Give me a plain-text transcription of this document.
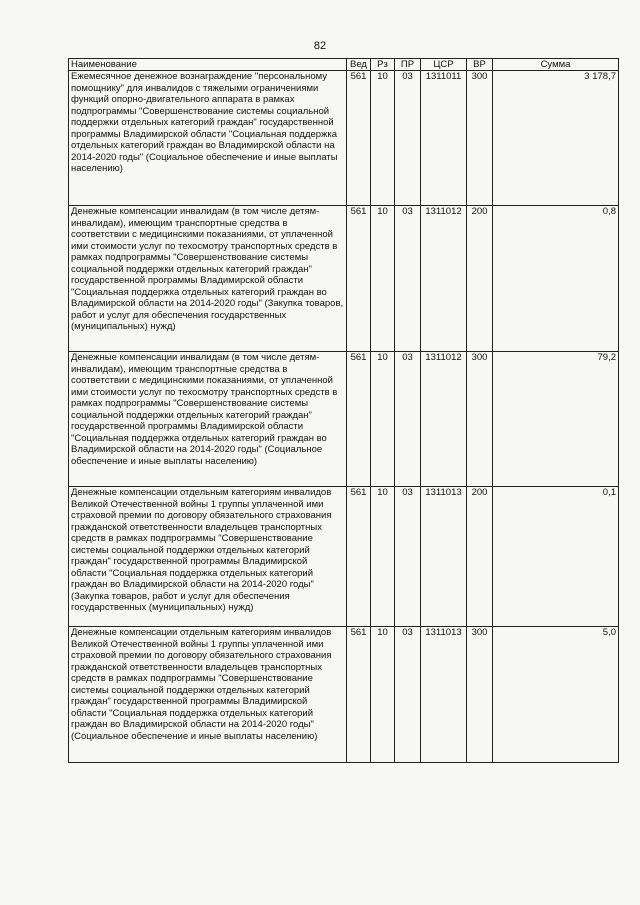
82
Наименование	Вед	Рз	ПР	ЦСР	ВР	Сумма
Ежемесячное денежное вознаграждение "персональному помощнику" для инвалидов с тяжелыми ограничениями функций опорно-двигательного аппарата в рамках подпрограммы "Совершенствование системы социальной поддержки отдельных категорий граждан" государственной программы Владимирской области "Социальная поддержка отдельных категорий граждан во Владимирской области на 2014-2020 годы" (Социальное обеспечение и иные выплаты населению)	561	10	03	1311011	300	3 178,7
Денежные компенсации инвалидам (в том числе детям-инвалидам), имеющим транспортные средства в соответствии с медицинскими показаниями, от уплаченной ими стоимости услуг по техосмотру транспортных средств в рамках подпрограммы "Совершенствование системы социальной поддержки отдельных категорий граждан" государственной программы Владимирской области "Социальная поддержка отдельных категорий граждан во Владимирской области на 2014-2020 годы" (Закупка товаров, работ и услуг для обеспечения государственных (муниципальных) нужд)	561	10	03	1311012	200	0,8
Денежные компенсации инвалидам (в том числе детям-инвалидам), имеющим транспортные средства в соответствии с медицинскими показаниями, от уплаченной ими стоимости услуг по техосмотру транспортных средств в рамках подпрограммы "Совершенствование системы социальной поддержки отдельных категорий граждан" государственной программы Владимирской области "Социальная поддержка отдельных категорий граждан во Владимирской области на 2014-2020 годы" (Социальное обеспечение и иные выплаты населению)	561	10	03	1311012	300	79,2
Денежные компенсации отдельным категориям инвалидов Великой Отечественной войны 1 группы уплаченной ими страховой премии по договору обязательного страхования гражданской ответственности владельцев транспортных средств в рамках подпрограммы "Совершенствование системы социальной поддержки отдельных категорий граждан" государственной программы Владимирской области "Социальная поддержка отдельных категорий граждан во Владимирской области на 2014-2020 годы" (Закупка товаров, работ и услуг для обеспечения государственных (муниципальных) нужд)	561	10	03	1311013	200	0,1
Денежные компенсации отдельным категориям инвалидов Великой Отечественной войны 1 группы уплаченной ими страховой премии по договору обязательного страхования гражданской ответственности владельцев транспортных средств в рамках подпрограммы "Совершенствование системы социальной поддержки отдельных категорий граждан" государственной программы Владимирской области "Социальная поддержка отдельных категорий граждан во Владимирской области на 2014-2020 годы" (Социальное обеспечение и иные выплаты населению)	561	10	03	1311013	300	5,0
